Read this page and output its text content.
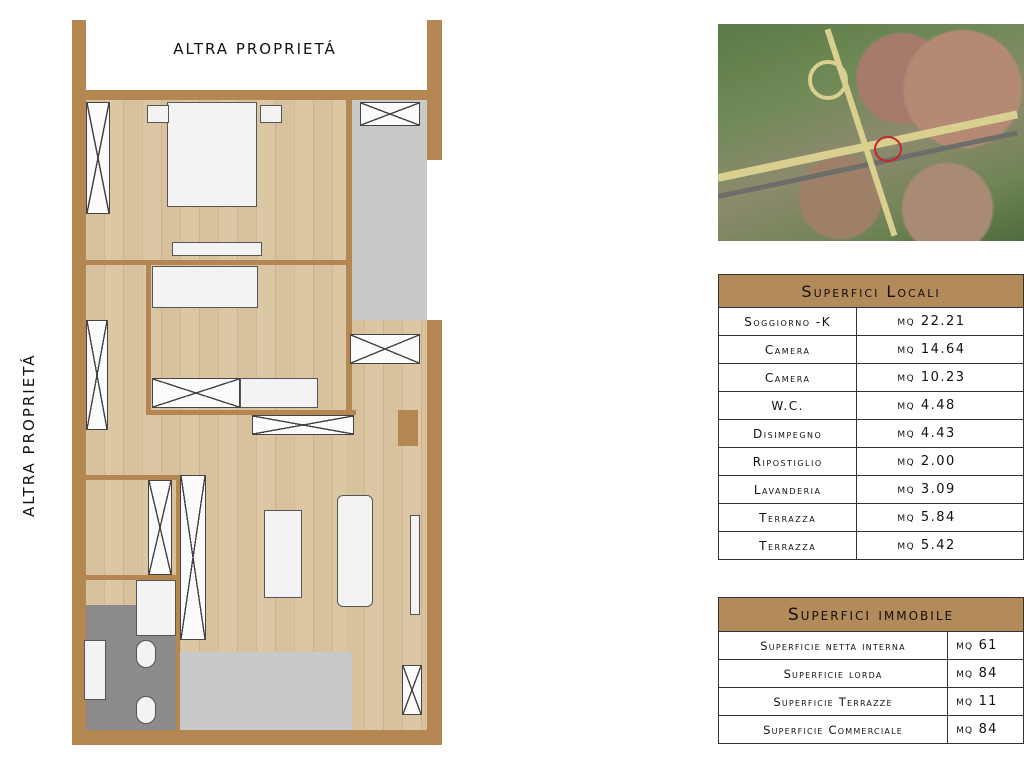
ALTRA PROPRIETÁ
ALTRA PROPRIETÁ
Superfici Locali	
Soggiorno -K	mq 22.21
Camera	mq 14.64
Camera	mq 10.23
W.C.	mq 4.48
Disimpegno	mq 4.43
Ripostiglio	mq 2.00
Lavanderia	mq 3.09
Terrazza	mq 5.84
Terrazza	mq 5.42
Superfici immobile	
Superficie netta interna	mq 61
Superficie lorda	mq 84
Superficie Terrazze	mq 11
Superficie Commerciale	mq 84
